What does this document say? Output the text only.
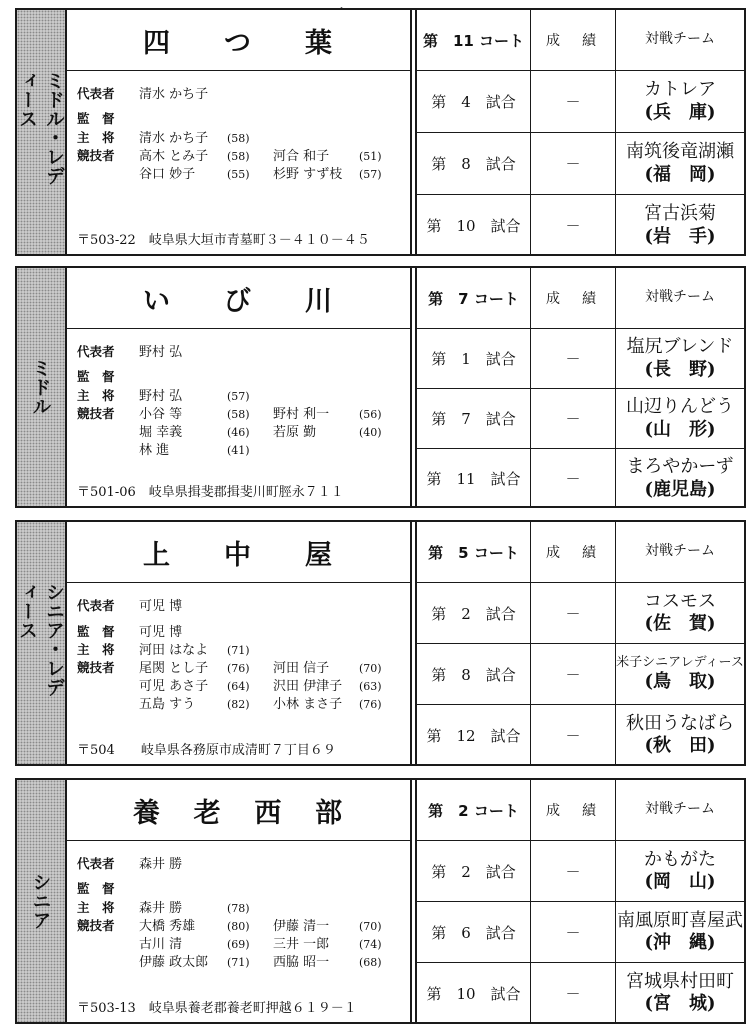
ミドル・レディース
四 つ 葉
代表者 清水 かち子
監　督
主　将 清水 かち子 (58)
競技者 高木 とみ子 (58) 河合 和子	(51)
谷口 妙子	(55) 杉野 すず枝 (57)
〒503-22　岐阜県大垣市青墓町３－４１０－４５
第　11 コート	成　績	対戦チーム
第　4　試合	－
カトレア
(兵　庫)
第　8　試合	－
南筑後竜湖瀬
(福　岡)
第　10　試合	－
宮古浜菊
(岩　手)
ミドル
い び 川
代表者 野村 弘
監　督
主　将 野村 弘	(57)
競技者 小谷 等	(58) 野村 利一	(56)
堀 幸義	(46) 若原 勤	(40)
林 進	(41)
〒501-06　岐阜県揖斐郡揖斐川町脛永７１１
第　7 コート	成　績	対戦チーム
第　1　試合	－
塩尻ブレンド
(長　野)
第　7　試合	－
山辺りんどう
(山　形)
第　11　試合	－
まろやかーず
(鹿児島)
シニア・レディース
上 中 屋
代表者 可児 博
監　督 可児 博
主　将 河田 はなよ (71)
競技者 尾関 とし子 (76) 河田 信子	(70)
可児 あさ子 (64) 沢田 伊津子 (63)
五島 すう	(82) 小林 まさ子 (76)
〒504　　岐阜県各務原市成清町７丁目６９
第　5 コート	成　績	対戦チーム
第　2　試合	－
コスモス
(佐　賀)
第　8　試合	－
米子シニアレディース
(鳥　取)
第　12　試合	－
秋田うなばら
(秋　田)
シニア
養 老 西 部
代表者 森井 勝
監　督
主　将 森井 勝	(78)
競技者 大橋 秀雄	(80) 伊藤 清一	(70)
古川 清	(69) 三井 一郎	(74)
伊藤 政太郎 (71) 西脇 昭一	(68)
〒503-13　岐阜県養老郡養老町押越６１９－１
第　2 コート	成　績	対戦チーム
第　2　試合	－
かもがた
(岡　山)
第　6　試合	－
南風原町喜屋武
(沖　縄)
第　10　試合	－
宮城県村田町
(宮　城)
